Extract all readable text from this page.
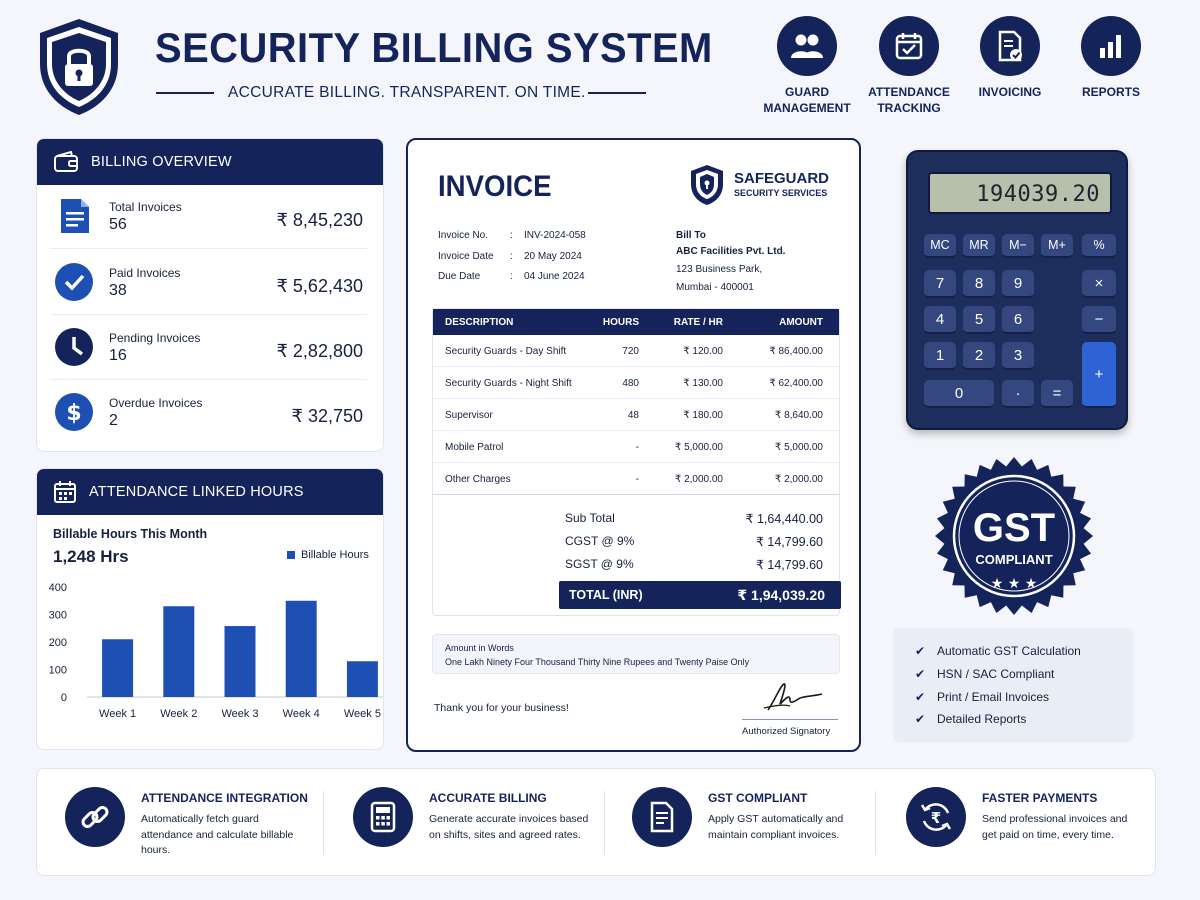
SECURITY BILLING SYSTEM
ACCURATE BILLING. TRANSPARENT. ON TIME.	GUARD
MANAGEMENT
ATTENDANCE
TRACKING
INVOICING	REPORTS
BILLING OVERVIEW
Total Invoices
56	₹ 8,45,230
Paid Invoices
38	₹ 5,62,430
Pending Invoices
16	₹ 2,82,800
$ Overdue Invoices
2	₹ 32,750
ATTENDANCE LINKED HOURS
Billable Hours This Month
1,248 Hrs	Billable Hours
0
100
200
300
400
Week 1 Week 2 Week 3 Week 4 Week 5
INVOICE	SAFEGUARD
SECURITY SERVICES
Invoice No. : INV-2024-058
Invoice Date : 20 May 2024
Due Date	: 04 June 2024
Bill To
ABC Facilities Pvt. Ltd.
123 Business Park,
Mumbai - 400001
DESCRIPTION	HOURS	RATE / HR	AMOUNT
Security Guards - Day Shift	720	₹ 120.00	₹ 86,400.00
Security Guards - Night Shift	480	₹ 130.00	₹ 62,400.00
Supervisor	48	₹ 180.00	₹ 8,640.00
Mobile Patrol	-	₹ 5,000.00	₹ 5,000.00
Other Charges	-	₹ 2,000.00	₹ 2,000.00
Sub Total	₹ 1,64,440.00
CGST @ 9%	₹ 14,799.60
SGST @ 9%	₹ 14,799.60
TOTAL (INR)	₹ 1,94,039.20
Amount in Words
One Lakh Ninety Four Thousand Thirty Nine Rupees and Twenty Paise Only
Thank you for your business!
Authorized Signatory
194039.20
MC	MR	M−	M+	%
7	8	9	×
4	5	6	−
1	2	3
+
0	·	=
GST
COMPLIANT
★ ★ ★
✔ Automatic GST Calculation
✔ HSN / SAC Compliant
✔ Print / Email Invoices
✔ Detailed Reports
ATTENDANCE INTEGRATION
Automatically fetch guard attendance and calculate billable hours.
ACCURATE BILLING
Generate accurate invoices based on shifts, sites and agreed rates.
GST COMPLIANT
Apply GST automatically and maintain compliant invoices.
₹
FASTER PAYMENTS
Send professional invoices and get paid on time, every time.
